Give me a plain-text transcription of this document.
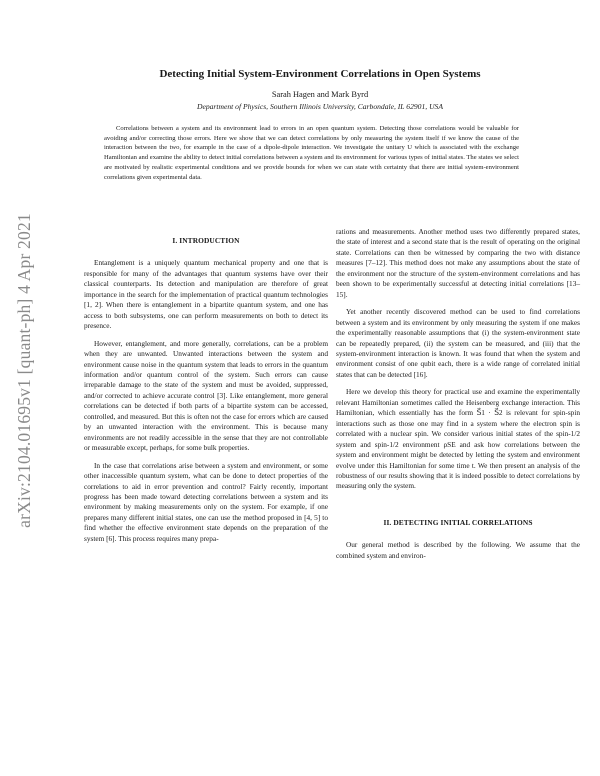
arXiv:2104.01695v1 [quant-ph] 4 Apr 2021
Detecting Initial System-Environment Correlations in Open Systems
Sarah Hagen and Mark Byrd
Department of Physics, Southern Illinois University, Carbondale, IL 62901, USA

Correlations between a system and its environment lead to errors in an open quantum system. Detecting those correlations would be valuable for avoiding and/or correcting those errors. Here we show that we can detect correlations by only measuring the system itself if we know the cause of the interaction between the two, for example in the case of a dipole-dipole interaction. We investigate the unitary U which is associated with the exchange Hamiltonian and examine the ability to detect initial correlations between a system and its environment for various types of initial states. The states we select are motivated by realistic experimental conditions and we provide bounds for when we can state with certainty that there are initial system-environment correlations given experimental data.

I. INTRODUCTION

Entanglement is a uniquely quantum mechanical property and one that is responsible for many of the advantages that quantum systems have over their classical counterparts. Its detection and manipulation are therefore of great importance in the search for the implementation of practical quantum technologies [1, 2]. When there is entanglement in a bipartite quantum system, and one has access to both subsystems, one can perform measurements on both to detect its presence.

However, entanglement, and more generally, correlations, can be a problem when they are unwanted. Unwanted interactions between the system and environment cause noise in the quantum system that leads to errors in the quantum information and/or quantum control of the system. Such errors can cause irreparable damage to the state of the system and must be avoided, suppressed, and/or corrected to achieve accurate control [3]. Like entanglement, more general correlations can be detected if both parts of a bipartite system can be accessed, controlled, and measured. But this is often not the case for errors which are caused by an unwanted interaction with the environment. This is because many environments are not readily accessible in the sense that they are not controllable or measurable except, perhaps, for some bulk properties.

In the case that correlations arise between a system and environment, or some other inaccessible quantum system, what can be done to detect properties of the correlations to aid in error prevention and control? Fairly recently, important progress has been made toward detecting correlations between a system and its environment by making measurements only on the system. For example, if one prepares many different initial states, one can use the method proposed in [4, 5] to find whether the effective environment state depends on the preparation of the system [6]. This process requires many prepa-

rations and measurements. Another method uses two differently prepared states, the state of interest and a second state that is the result of operating on the original state. Correlations can then be witnessed by comparing the two with distance measures [7–12]. This method does not make any assumptions about the state of the environment nor the structure of the system-environment correlations and has been shown to be experimentally successful at detecting initial correlations [13–15].

Yet another recently discovered method can be used to find correlations between a system and its environment by only measuring the system if one makes the experimentally reasonable assumptions that (i) the system-environment state can be repeatedly prepared, (ii) the system can be measured, and (iii) that the system-environment interaction is known. It was found that when the system and environment consist of one qubit each, there is a wide range of correlated initial states that can be detected [16].

Here we develop this theory for practical use and examine the experimentally relevant Hamiltonian sometimes called the Heisenberg exchange interaction. This Hamiltonian, which essentially has the form S⃗1 · S⃗2 is relevant for spin-spin interactions such as those one may find in a system where the electron spin is correlated with a nuclear spin. We consider various initial states of the spin-1/2 system and spin-1/2 environment ρSE and ask how correlations between the system and environment might be detected by letting the system and environment evolve under this Hamiltonian for some time t. We then present an analysis of the robustness of our results showing that it is indeed possible to detect correlations by measuring only the system.

II. DETECTING INITIAL CORRELATIONS

Our general method is described by the following. We assume that the combined system and environ-
